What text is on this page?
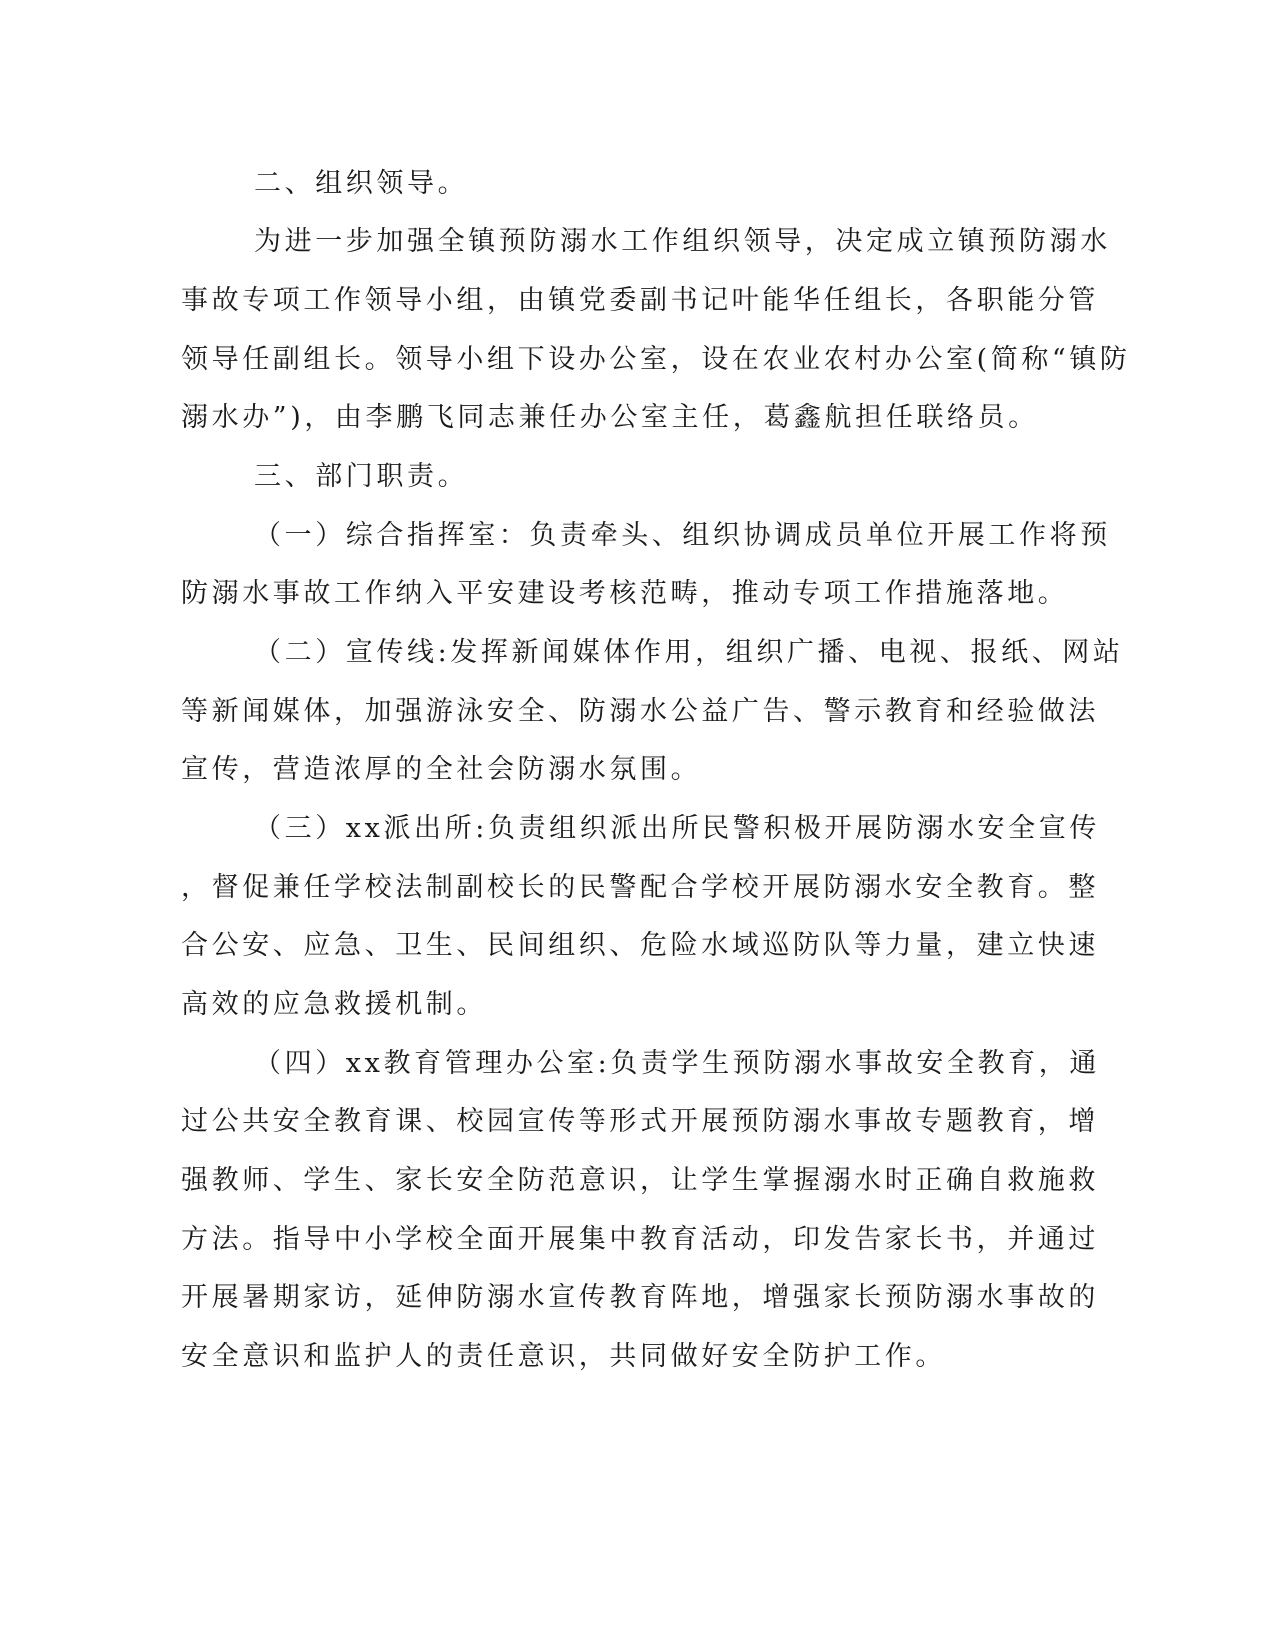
二、组织领导。
为进一步加强全镇预防溺水工作组织领导，决定成立镇预防溺水
事故专项工作领导小组，由镇党委副书记叶能华任组长，各职能分管
领导任副组长。领导小组下设办公室，设在农业农村办公室(简称“镇防
溺水办”)，由李鹏飞同志兼任办公室主任，葛鑫航担任联络员。
三、部门职责。
（一）综合指挥室：负责牵头、组织协调成员单位开展工作将预
防溺水事故工作纳入平安建设考核范畴，推动专项工作措施落地。
（二）宣传线:发挥新闻媒体作用，组织广播、电视、报纸、网站
等新闻媒体，加强游泳安全、防溺水公益广告、警示教育和经验做法
宣传，营造浓厚的全社会防溺水氛围。
（三）xx派出所:负责组织派出所民警积极开展防溺水安全宣传
，督促兼任学校法制副校长的民警配合学校开展防溺水安全教育。整
合公安、应急、卫生、民间组织、危险水域巡防队等力量，建立快速
高效的应急救援机制。
（四）xx教育管理办公室:负责学生预防溺水事故安全教育，通
过公共安全教育课、校园宣传等形式开展预防溺水事故专题教育，增
强教师、学生、家长安全防范意识，让学生掌握溺水时正确自救施救
方法。指导中小学校全面开展集中教育活动，印发告家长书，并通过
开展暑期家访，延伸防溺水宣传教育阵地，增强家长预防溺水事故的
安全意识和监护人的责任意识，共同做好安全防护工作。
